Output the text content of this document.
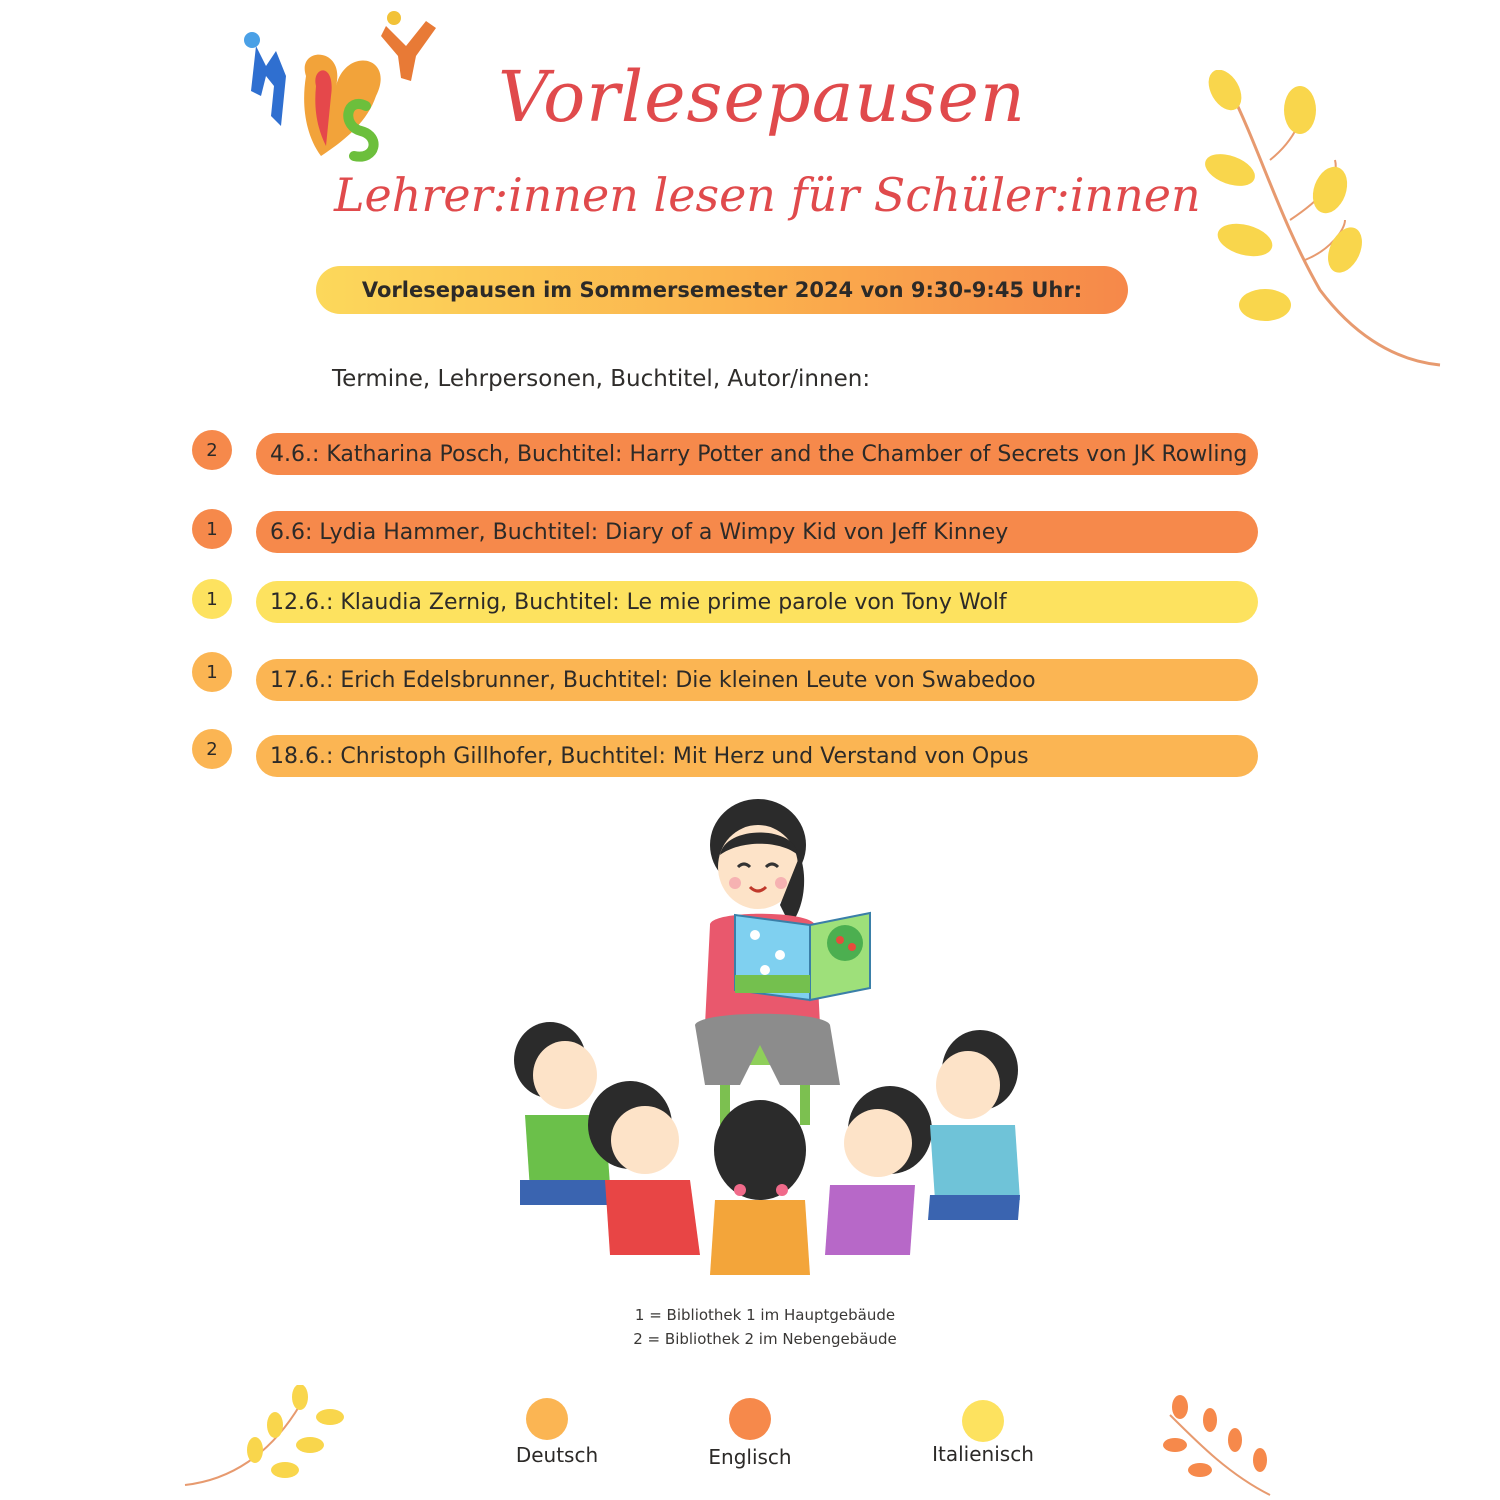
Vorlesepausen
Lehrer:innen lesen für Schüler:innen
Vorlesepausen im Sommersemester 2024 von 9:30-9:45 Uhr:
Termine, Lehrpersonen, Buchtitel, Autor/innen:
2	4.6.: Katharina Posch, Buchtitel: Harry Potter and the Chamber of Secrets von JK Rowling
1	6.6: Lydia Hammer, Buchtitel: Diary of a Wimpy Kid von Jeff Kinney
1	12.6.: Klaudia Zernig, Buchtitel: Le mie prime parole von Tony Wolf
1	17.6.: Erich Edelsbrunner, Buchtitel: Die kleinen Leute von Swabedoo
2	18.6.: Christoph Gillhofer, Buchtitel: Mit Herz und Verstand von Opus
1 = Bibliothek 1 im Hauptgebäude
2 = Bibliothek 2 im Nebengebäude
Deutsch	Englisch	Italienisch
